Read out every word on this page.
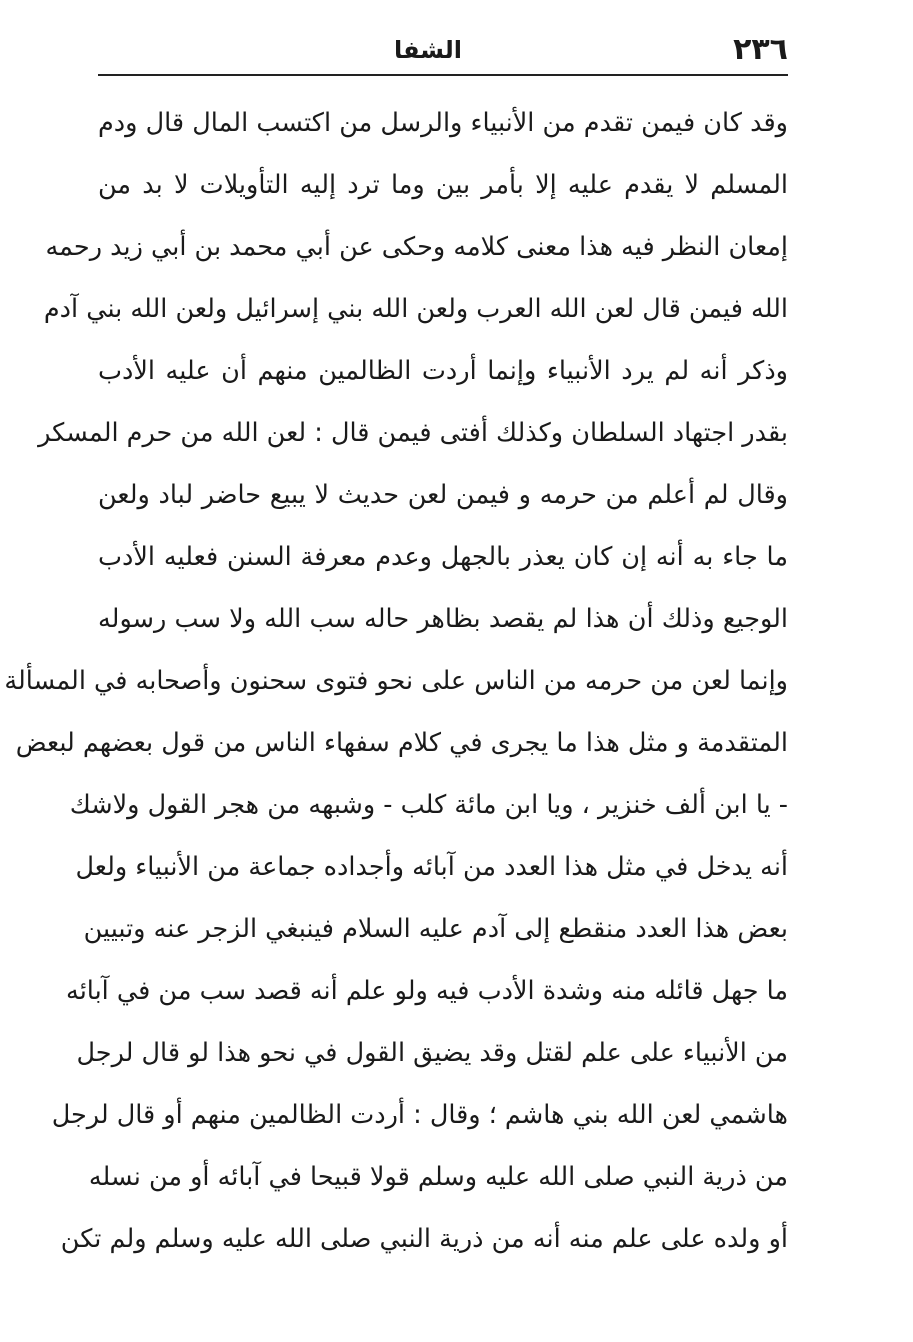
٢٣٦
الشفا
وقد كان فيمن تقدم من الأنبياء والرسل من اكتسب المال قال ودم
المسلم لا يقدم عليه إلا بأمر بين وما ترد إليه التأويلات لا بد من
إمعان النظر فيه هذا معنى كلامه وحكى عن أبي محمد بن أبي زيد رحمه
الله فيمن قال لعن الله العرب ولعن الله بني إسرائيل ولعن الله بني آدم
وذكر أنه لم يرد الأنبياء وإنما أردت الظالمين منهم أن عليه الأدب
بقدر اجتهاد السلطان وكذلك أفتى فيمن قال : لعن الله من حرم المسكر
وقال لم أعلم من حرمه و فيمن لعن حديث لا يبيع حاضر لباد ولعن
ما جاء به أنه إن كان يعذر بالجهل وعدم معرفة السنن فعليه الأدب
الوجيع وذلك أن هذا لم يقصد بظاهر حاله سب الله ولا سب رسوله
وإنما لعن من حرمه من الناس على نحو فتوى سحنون وأصحابه في المسألة
المتقدمة و مثل هذا ما يجرى في كلام سفهاء الناس من قول بعضهم لبعض
- يا ابن ألف خنزير ، ويا ابن مائة كلب - وشبهه من هجر القول ولاشك
أنه يدخل في مثل هذا العدد من آبائه وأجداده جماعة من الأنبياء ولعل
بعض هذا العدد منقطع إلى آدم عليه السلام فينبغي الزجر عنه وتبيين
ما جهل قائله منه وشدة الأدب فيه ولو علم أنه قصد سب من في آبائه
من الأنبياء على علم لقتل وقد يضيق القول في نحو هذا لو قال لرجل
هاشمي لعن الله بني هاشم ؛ وقال : أردت الظالمين منهم أو قال لرجل
من ذرية النبي صلى الله عليه وسلم قولا قبيحا في آبائه أو من نسله
أو ولده على علم منه أنه من ذرية النبي صلى الله عليه وسلم ولم تكن
